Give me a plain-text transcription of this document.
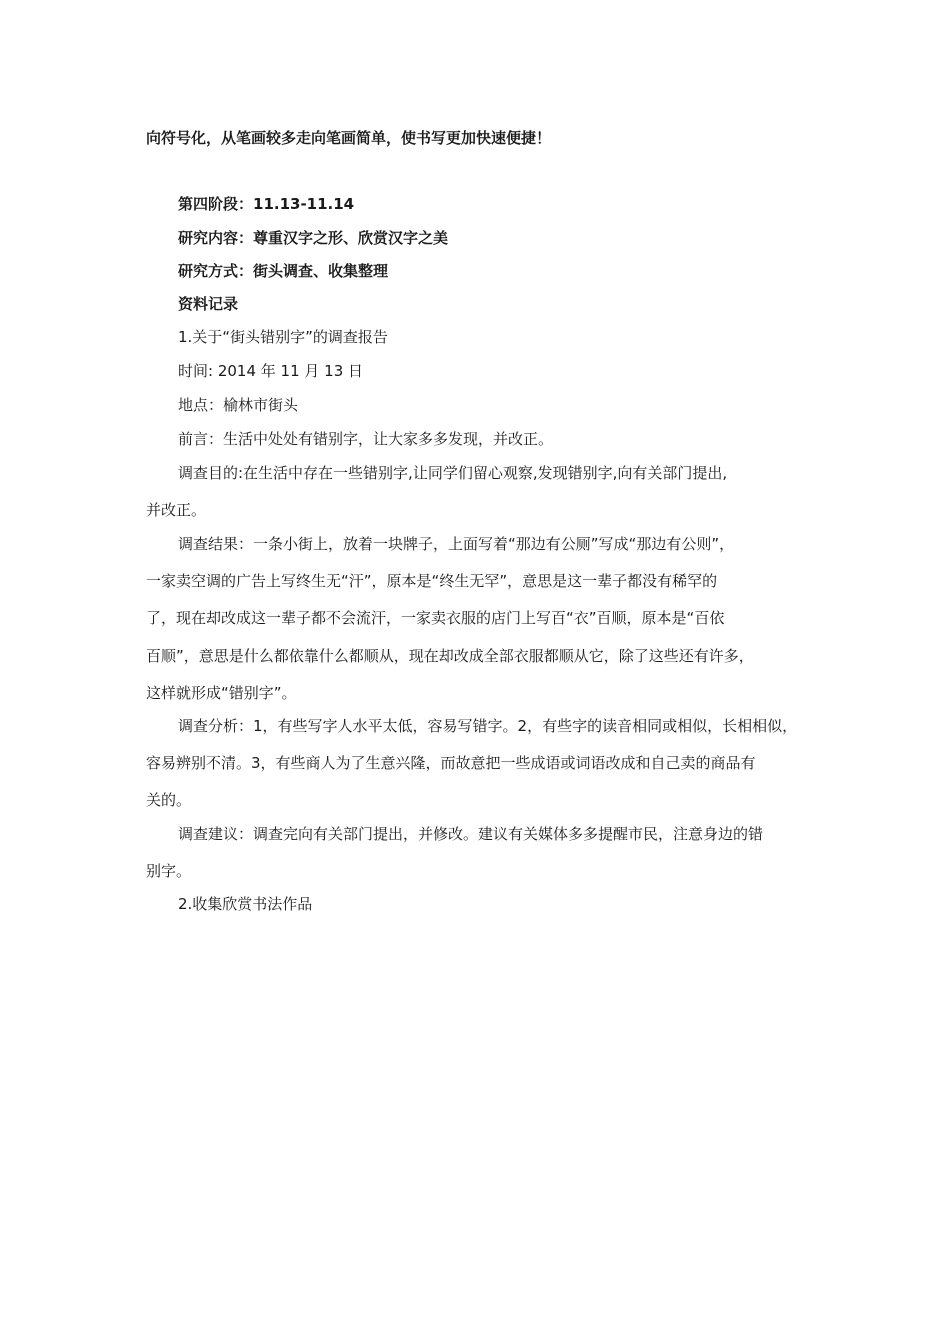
向符号化，从笔画较多走向笔画简单，使书写更加快速便捷！
第四阶段：11.13-11.14
研究内容：尊重汉字之形、欣赏汉字之美
研究方式：街头调查、收集整理
资料记录
1.关于“街头错别字”的调查报告
时间: 2014 年 11 月 13 日
地点：榆林市街头
前言：生活中处处有错别字，让大家多多发现，并改正。
调查目的:在生活中存在一些错别字,让同学们留心观察,发现错别字,向有关部门提出,
并改正。
调查结果：一条小街上，放着一块牌子，上面写着“那边有公厕”写成“那边有公则”，
一家卖空调的广告上写终生无“汗”，原本是“终生无罕”，意思是这一辈子都没有稀罕的
了，现在却改成这一辈子都不会流汗，一家卖衣服的店门上写百“衣”百顺，原本是“百依
百顺”，意思是什么都依靠什么都顺从，现在却改成全部衣服都顺从它，除了这些还有许多，
这样就形成“错别字”。
调查分析：1，有些写字人水平太低，容易写错字。2，有些字的读音相同或相似，长相相似，
容易辨别不清。3，有些商人为了生意兴隆，而故意把一些成语或词语改成和自己卖的商品有
关的。
调查建议：调查完向有关部门提出，并修改。建议有关媒体多多提醒市民，注意身边的错
别字。
2.收集欣赏书法作品
